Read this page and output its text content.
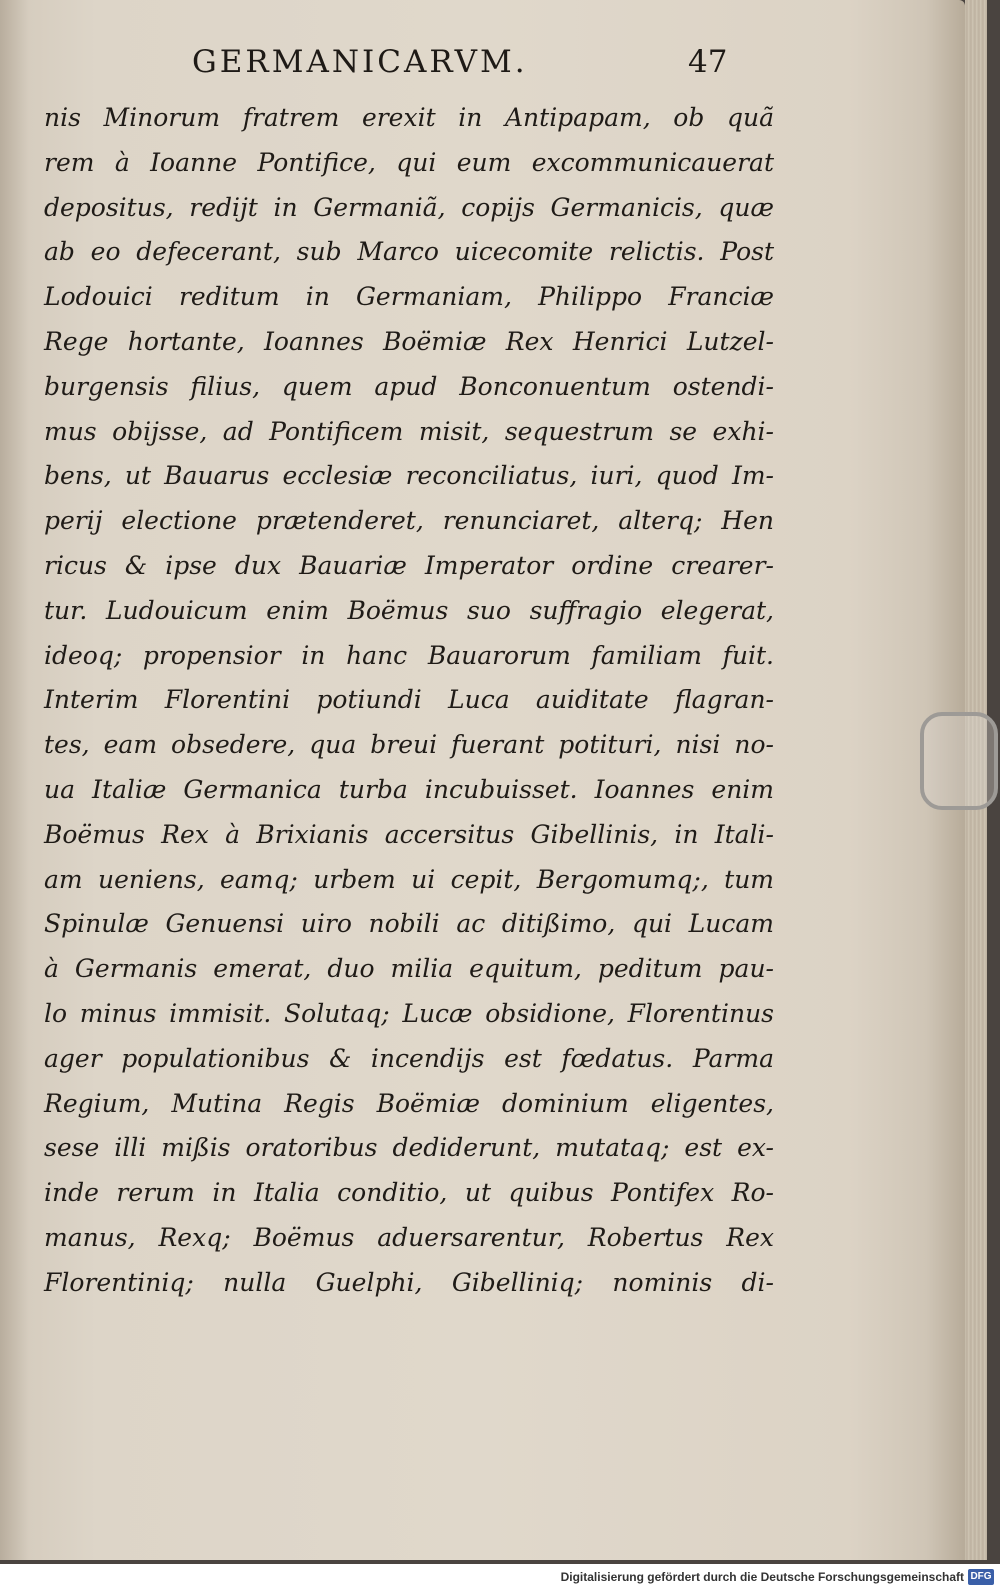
GERMANICARVM.	47
nis Minorum fratrem erexit in Antipapam, ob quã
rem à Ioanne Pontifice, qui eum excommunicauerat
depositus, rediјt in Germaniã, copiјs Germanicis, quæ
ab eo defecerant, sub Marco uicecomite relictis. Post
Lodouici reditum in Germaniam, Philippo Franciæ
Rege hortante, Ioannes Boëmiæ Rex Henrici Lutzel-
burgensis filius, quem apud Bonconuentum ostendi-
mus obiјsse, ad Pontificem misit, sequestrum se exhi-
bens, ut Bauarus ecclesiæ reconciliatus, iuri, quod Im-
periј electione prætenderet, renunciaret, alterq; Hen
ricus & ipse dux Bauariæ Imperator ordine crearer-
tur. Ludouicum enim Boëmus suo suffragio elegerat,
ideoq; propensior in hanc Bauarorum familiam fuit.
Interim Florentini potiundi Luca auiditate flagran-
tes, eam obsedere, qua breui fuerant potituri, nisi no-
ua Italiæ Germanica turba incubuisset. Ioannes enim
Boëmus Rex à Brixianis accersitus Gibellinis, in Itali-
am ueniens, eamq; urbem ui cepit, Bergomumq;, tum
Spinulæ Genuensi uiro nobili ac ditißimo, qui Lucam
à Germanis emerat, duo milia equitum, peditum pau-
lo minus immisit. Solutaq; Lucæ obsidione, Florentinus
ager populationibus & incendiјs est fœdatus. Parma
Regium, Mutina Regis Boëmiæ dominium eligentes,
sese illi mißis oratoribus dediderunt, mutataq; est ex-
inde rerum in Italia conditio, ut quibus Pontifex Ro-
manus, Rexq; Boëmus aduersarentur, Robertus Rex
Florentiniq; nulla Guelphi, Gibelliniq; nominis di-
Digitalisierung gefördert durch die Deutsche Forschungsgemeinschaft DFG
